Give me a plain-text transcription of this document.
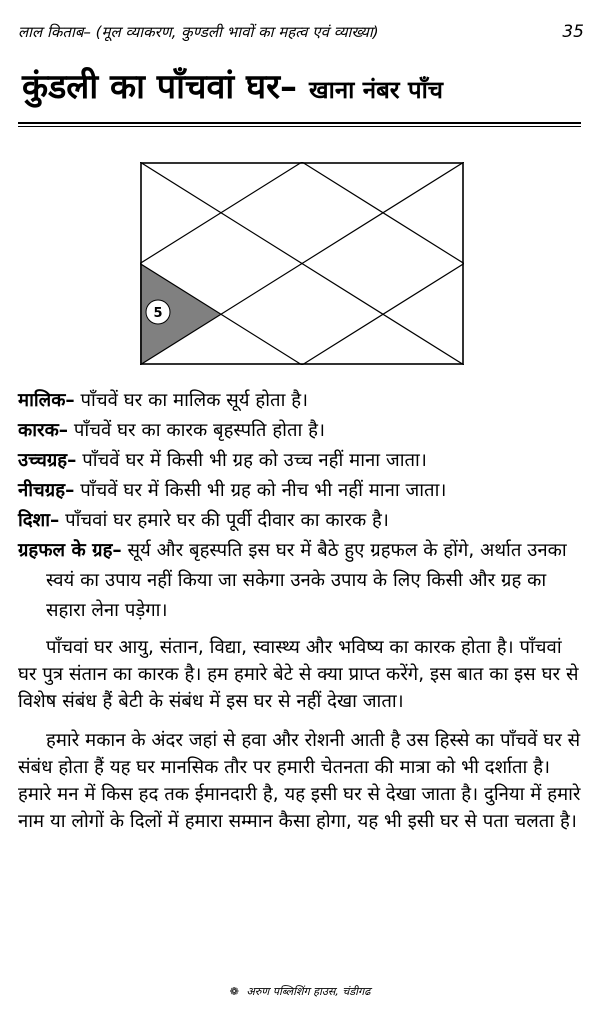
लाल किताब– (मूल व्याकरण, कुण्डली भावों का महत्व एवं व्याख्या)	35
कुंडली का पाँचवां घर– खाना नंबर पाँच
5

मालिक– पाँचवें घर का मालिक सूर्य होता है।

कारक– पाँचवें घर का कारक बृहस्पति होता है।

उच्चग्रह– पाँचवें घर में किसी भी ग्रह को उच्च नहीं माना जाता।

नीचग्रह– पाँचवें घर में किसी भी ग्रह को नीच भी नहीं माना जाता।

दिशा– पाँचवां घर हमारे घर की पूर्वी दीवार का कारक है।

ग्रहफल के ग्रह– सूर्य और बृहस्पति इस घर में बैठे हुए ग्रहफल के होंगे, अर्थात उनका स्वयं का उपाय नहीं किया जा सकेगा उनके उपाय के लिए किसी और ग्रह का सहारा लेना पड़ेगा।

पाँचवां घर आयु, संतान, विद्या, स्वास्थ्य और भविष्य का कारक होता है। पाँचवां घर पुत्र संतान का कारक है। हम हमारे बेटे से क्या प्राप्त करेंगे, इस बात का इस घर से विशेष संबंध हैं बेटी के संबंध में इस घर से नहीं देखा जाता।

हमारे मकान के अंदर जहां से हवा और रोशनी आती है उस हिस्से का पाँचवें घर से संबंध होता हैं यह घर मानसिक तौर पर हमारी चेतनता की मात्रा को भी दर्शाता है। हमारे मन में किस हद तक ईमानदारी है, यह इसी घर से देखा जाता है। दुनिया में हमारे नाम या लोगों के दिलों में हमारा सम्मान कैसा होगा, यह भी इसी घर से पता चलता है।

❁ अरुण पब्लिशिंग हाउस, चंडीगढ
